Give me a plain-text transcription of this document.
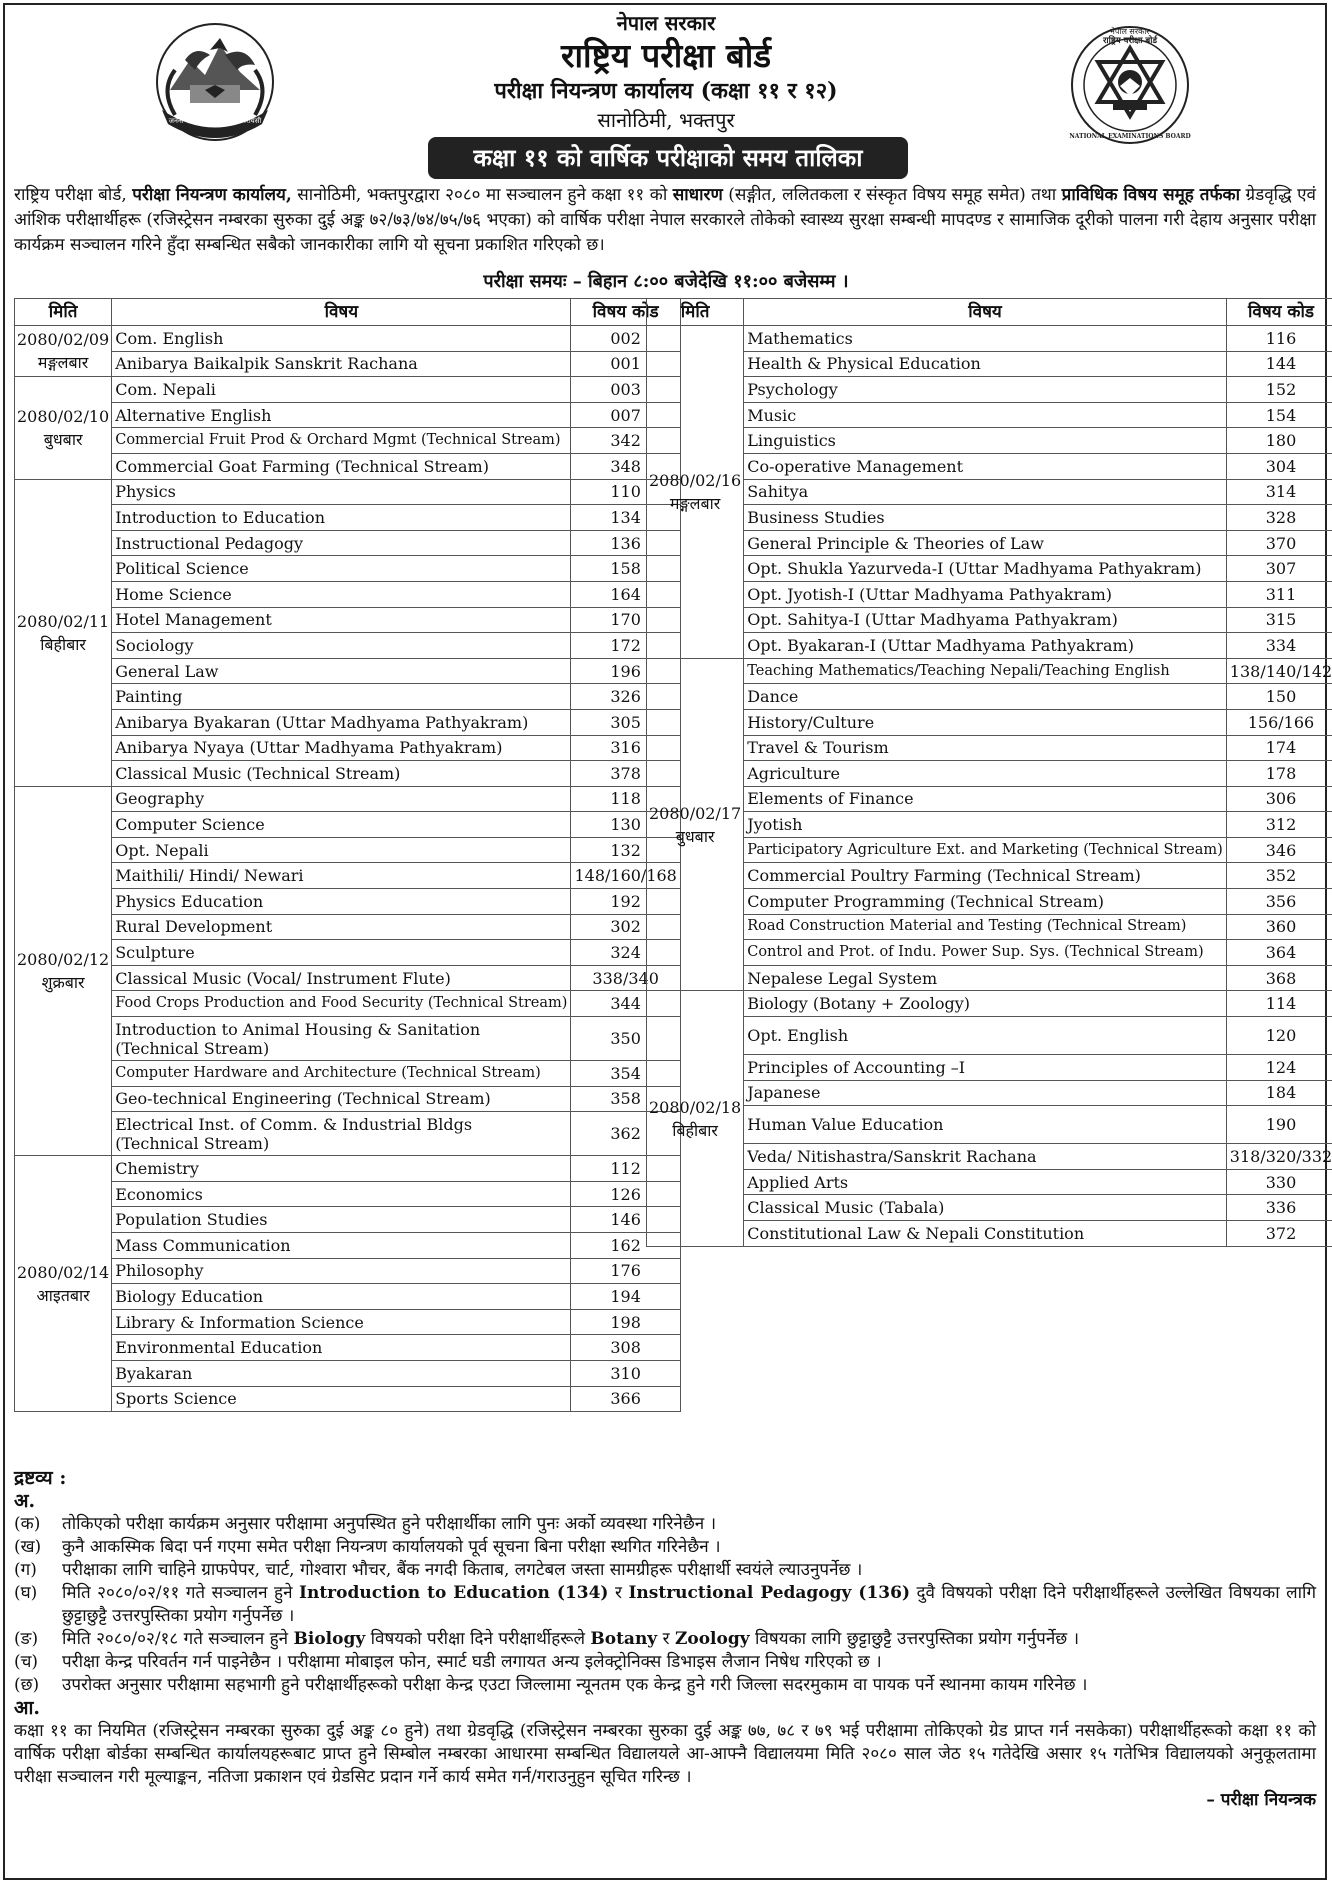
जननी जन्मभूमिश्च स्वर्गादपि गरीयसी
नेपाल सरकार
राष्ट्रिय परीक्षा बोर्ड
NATIONAL EXAMINATIONS BOARD
नेपाल सरकार
राष्ट्रिय परीक्षा बोर्ड
परीक्षा नियन्त्रण कार्यालय (कक्षा ११ र १२)
सानोठिमी, भक्तपुर
कक्षा ११ को वार्षिक परीक्षाको समय तालिका
राष्ट्रिय परीक्षा बोर्ड, परीक्षा नियन्त्रण कार्यालय, सानोठिमी, भक्तपुरद्वारा २०८० मा सञ्चालन हुने कक्षा ११ को साधारण (सङ्गीत, ललितकला र संस्कृत विषय समूह समेत) तथा प्राविधिक विषय समूह तर्फका ग्रेडवृद्धि एवं आंशिक परीक्षार्थीहरू (रजिस्ट्रेसन नम्बरका सुरुका दुई अङ्क ७२/७३/७४/७५/७६ भएका) को वार्षिक परीक्षा नेपाल सरकारले तोकेको स्वास्थ्य सुरक्षा सम्बन्धी मापदण्ड र सामाजिक दूरीको पालना गरी देहाय अनुसार परीक्षा कार्यक्रम सञ्चालन गरिने हुँदा सम्बन्धित सबैको जानकारीका लागि यो सूचना प्रकाशित गरिएको छ।
परीक्षा समयः – बिहान ८:०० बजेदेखि ११:०० बजेसम्म ।
मिति	विषय	विषय कोड

2080/02/09
मङ्गलबार	Com. English	002

	Anibarya Baikalpik Sanskrit Rachana	001

2080/02/10
बुधबार	Com. Nepali	003

	Alternative English	007

	Commercial Fruit Prod & Orchard Mgmt (Technical Stream)	342

	Commercial Goat Farming (Technical Stream)	348

2080/02/11
बिहीबार	Physics	110

	Introduction to Education	134

	Instructional Pedagogy	136

	Political Science	158

	Home Science	164

	Hotel Management	170

	Sociology	172

	General Law	196

	Painting	326

	Anibarya Byakaran (Uttar Madhyama Pathyakram)	305

	Anibarya Nyaya (Uttar Madhyama Pathyakram)	316

	Classical Music (Technical Stream)	378

2080/02/12
शुक्रबार	Geography	118

	Computer Science	130

	Opt. Nepali	132

	Maithili/ Hindi/ Newari	148/160/168

	Physics Education	192

	Rural Development	302

	Sculpture	324

	Classical Music (Vocal/ Instrument Flute)	338/340

	Food Crops Production and Food Security (Technical Stream)	344

	Introduction to Animal Housing & Sanitation
(Technical Stream)	350

	Computer Hardware and Architecture (Technical Stream)	354

	Geo-technical Engineering (Technical Stream)	358

	Electrical Inst. of Comm. & Industrial Bldgs
(Technical Stream)	362

2080/02/14
आइतबार	Chemistry	112

	Economics	126

	Population Studies	146

	Mass Communication	162

	Philosophy	176

	Biology Education	194

	Library & Information Science	198

	Environmental Education	308

	Byakaran	310

	Sports Science	366
मिति	विषय	विषय कोड

2080/02/16
मङ्गलबार	Mathematics	116

	Health & Physical Education	144

	Psychology	152

	Music	154

	Linguistics	180

	Co-operative Management	304

	Sahitya	314

	Business Studies	328

	General Principle & Theories of Law	370

	Opt. Shukla Yazurveda-I (Uttar Madhyama Pathyakram)	307

	Opt. Jyotish-I (Uttar Madhyama Pathyakram)	311

	Opt. Sahitya-I (Uttar Madhyama Pathyakram)	315

	Opt. Byakaran-I (Uttar Madhyama Pathyakram)	334

2080/02/17
बुधबार	Teaching Mathematics/Teaching Nepali/Teaching English	138/140/142

	Dance	150

	History/Culture	156/166

	Travel & Tourism	174

	Agriculture	178

	Elements of Finance	306

	Jyotish	312

	Participatory Agriculture Ext. and Marketing (Technical Stream)	346

	Commercial Poultry Farming (Technical Stream)	352

	Computer Programming (Technical Stream)	356

	Road Construction Material and Testing (Technical Stream)	360

	Control and Prot. of Indu. Power Sup. Sys. (Technical Stream)	364

	Nepalese Legal System	368

2080/02/18
बिहीबार	Biology (Botany + Zoology)	114

	Opt. English	120

	Principles of Accounting –I	124

	Japanese	184

	Human Value Education	190

	Veda/ Nitishastra/Sanskrit Rachana	318/320/332

	Applied Arts	330

	Classical Music (Tabala)	336

	Constitutional Law & Nepali Constitution	372
द्रष्टव्य :
अ.
(क)	तोकिएको परीक्षा कार्यक्रम अनुसार परीक्षामा अनुपस्थित हुने परीक्षार्थीका लागि पुनः अर्को व्यवस्था गरिनेछैन ।
(ख)	कुनै आकस्मिक बिदा पर्न गएमा समेत परीक्षा नियन्त्रण कार्यालयको पूर्व सूचना बिना परीक्षा स्थगित गरिनेछैन ।
(ग)	परीक्षाका लागि चाहिने ग्राफपेपर, चार्ट, गोश्वारा भौचर, बैंक नगदी किताब, लगटेबल जस्ता सामग्रीहरू परीक्षार्थी स्वयंले ल्याउनुपर्नेछ ।
(घ)	मिति २०८०/०२/११ गते सञ्चालन हुने Introduction to Education (134) र Instructional Pedagogy (136) दुवै विषयको परीक्षा दिने परीक्षार्थीहरूले उल्लेखित विषयका लागि छुट्टाछुट्टै उत्तरपुस्तिका प्रयोग गर्नुपर्नेछ ।
(ङ)	मिति २०८०/०२/१८ गते सञ्चालन हुने Biology विषयको परीक्षा दिने परीक्षार्थीहरूले Botany र Zoology विषयका लागि छुट्टाछुट्टै उत्तरपुस्तिका प्रयोग गर्नुपर्नेछ ।
(च)	परीक्षा केन्द्र परिवर्तन गर्न पाइनेछैन । परीक्षामा मोबाइल फोन, स्मार्ट घडी लगायत अन्य इलेक्ट्रोनिक्स डिभाइस लैजान निषेध गरिएको छ ।
(छ)	उपरोक्त अनुसार परीक्षामा सहभागी हुने परीक्षार्थीहरूको परीक्षा केन्द्र एउटा जिल्लामा न्यूनतम एक केन्द्र हुने गरी जिल्ला सदरमुकाम वा पायक पर्ने स्थानमा कायम गरिनेछ ।
आ.
कक्षा ११ का नियमित (रजिस्ट्रेसन नम्बरका सुरुका दुई अङ्क ८० हुने) तथा ग्रेडवृद्धि (रजिस्ट्रेसन नम्बरका सुरुका दुई अङ्क ७७, ७८ र ७९ भई परीक्षामा तोकिएको ग्रेड प्राप्त गर्न नसकेका) परीक्षार्थीहरूको कक्षा ११ को वार्षिक परीक्षा बोर्डका सम्बन्धित कार्यालयहरूबाट प्राप्त हुने सिम्बोल नम्बरका आधारमा सम्बन्धित विद्यालयले आ-आफ्नै विद्यालयमा मिति २०८० साल जेठ १५ गतेदेखि असार १५ गतेभित्र विद्यालयको अनुकूलतामा परीक्षा सञ्चालन गरी मूल्याङ्कन, नतिजा प्रकाशन एवं ग्रेडसिट प्रदान गर्ने कार्य समेत गर्न/गराउनुहुन सूचित गरिन्छ ।
– परीक्षा नियन्त्रक
